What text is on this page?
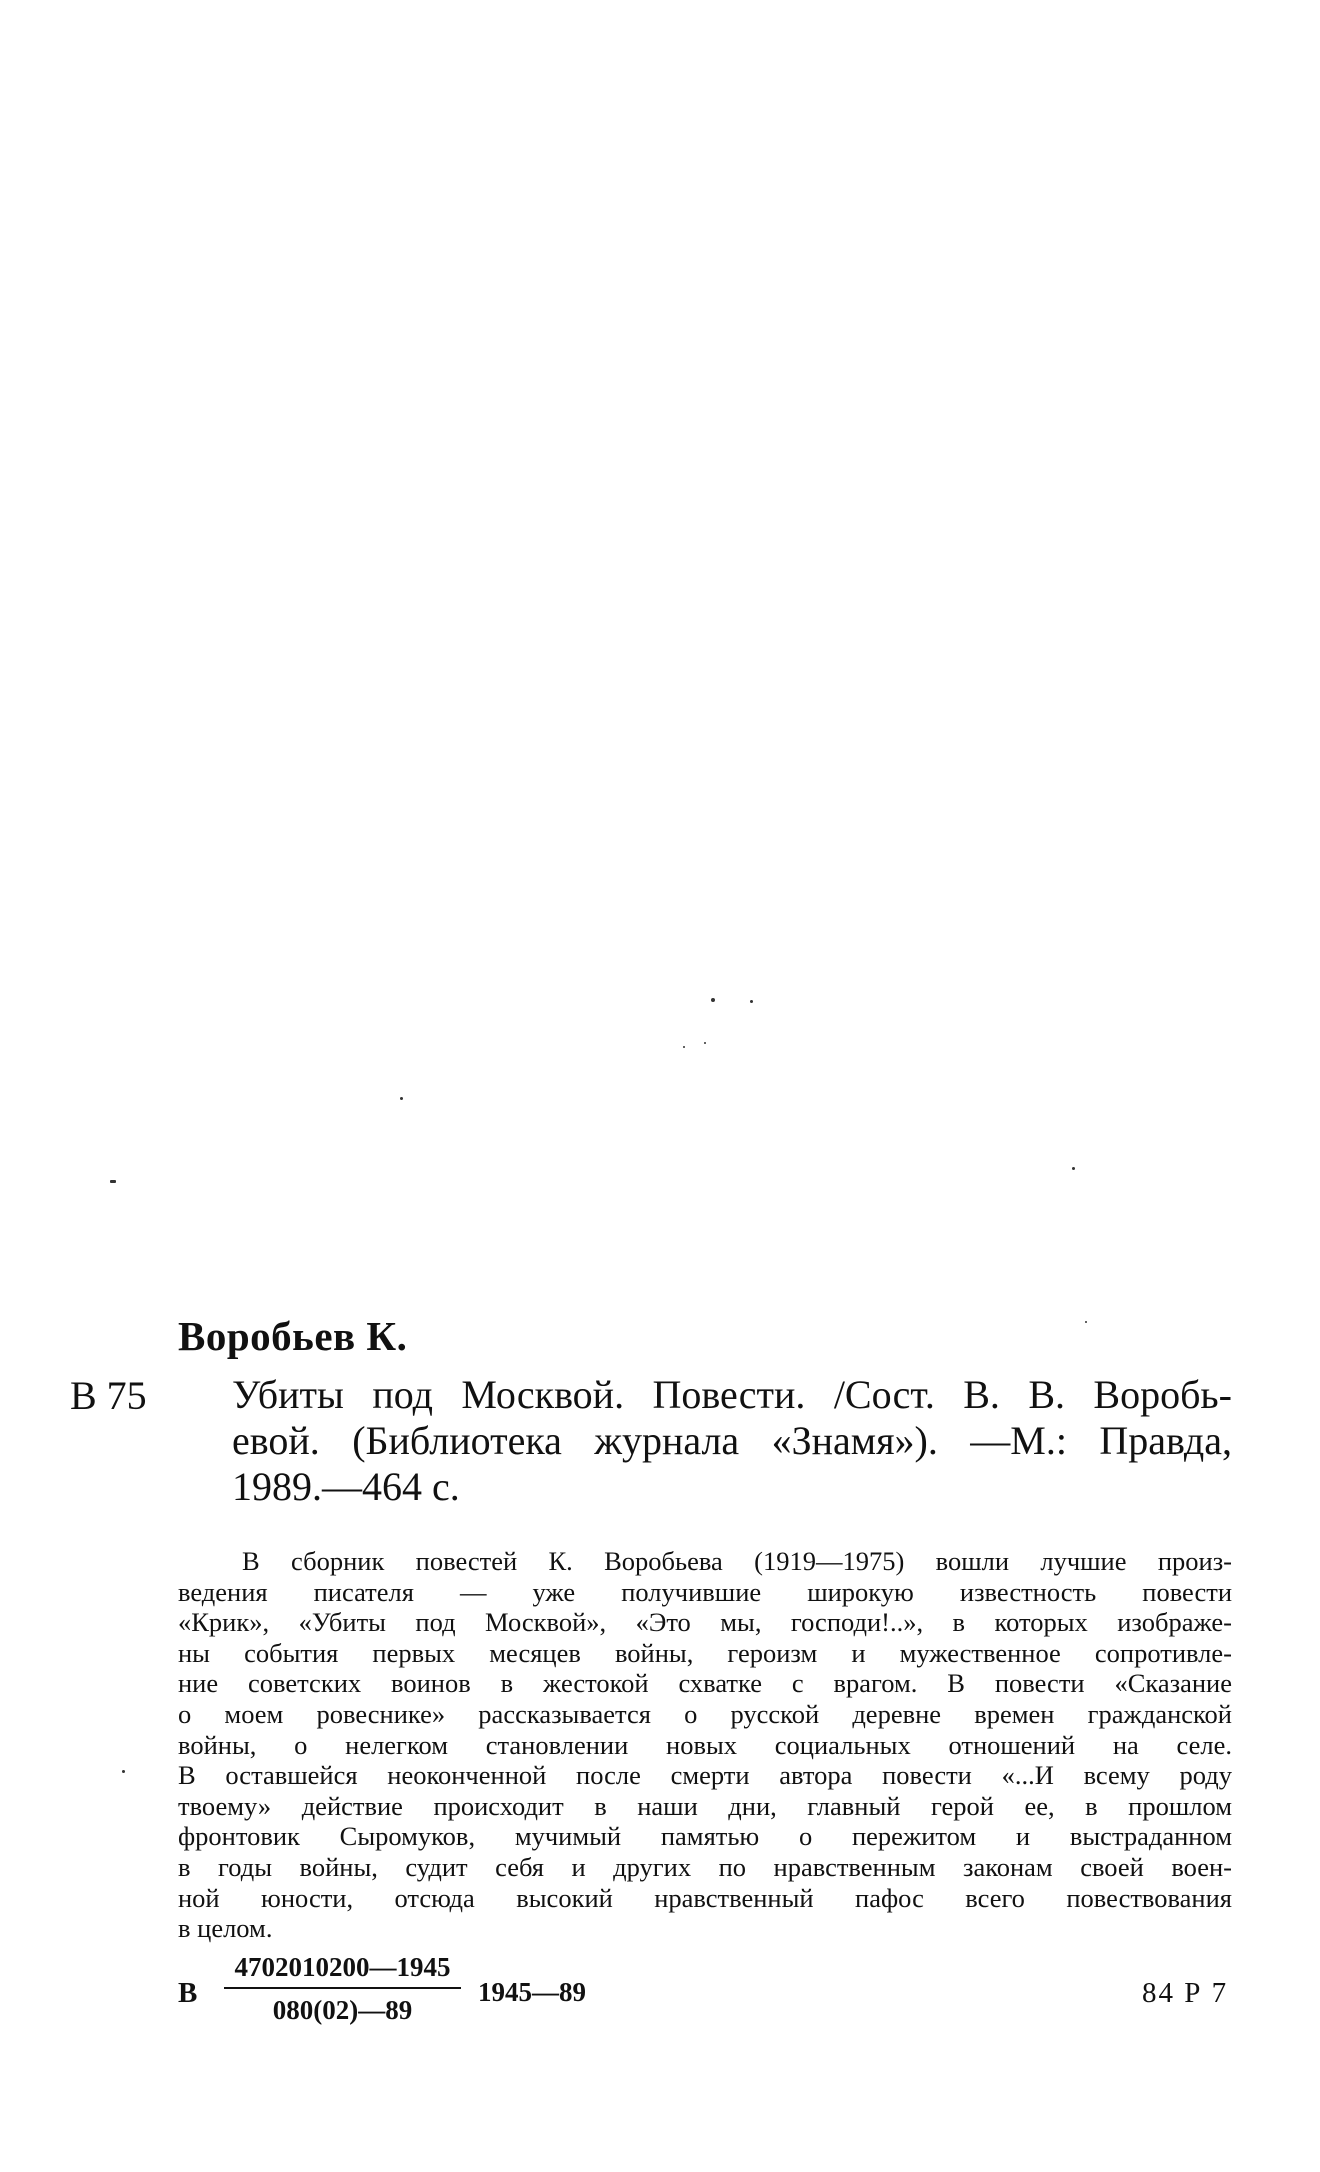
Воробьев К.
В 75 Убиты под Москвой. Повести. /Сост. В. В. Воробь-
евой. (Библиотека журнала «Знамя»). —М.: Правда,
1989.—464 с.
В сборник повестей К. Воробьева (1919—1975) вошли лучшие произ-
ведения писателя — уже получившие широкую известность повести
«Крик», «Убиты под Москвой», «Это мы, господи!..», в которых изображе-
ны события первых месяцев войны, героизм и мужественное сопротивле-
ние советских воинов в жестокой схватке с врагом. В повести «Сказание
о моем ровеснике» рассказывается о русской деревне времен гражданской
войны, о нелегком становлении новых социальных отношений на селе.
В оставшейся неоконченной после смерти автора повести «...И всему роду
твоему» действие происходит в наши дни, главный герой ее, в прошлом
фронтовик Сыромуков, мучимый памятью о пережитом и выстраданном
в годы войны, судит себя и других по нравственным законам своей воен-
ной юности, отсюда высокий нравственный пафос всего повествования
в целом.
В
4702010200—1945
080(02)—89
1945—89	84 Р 7
